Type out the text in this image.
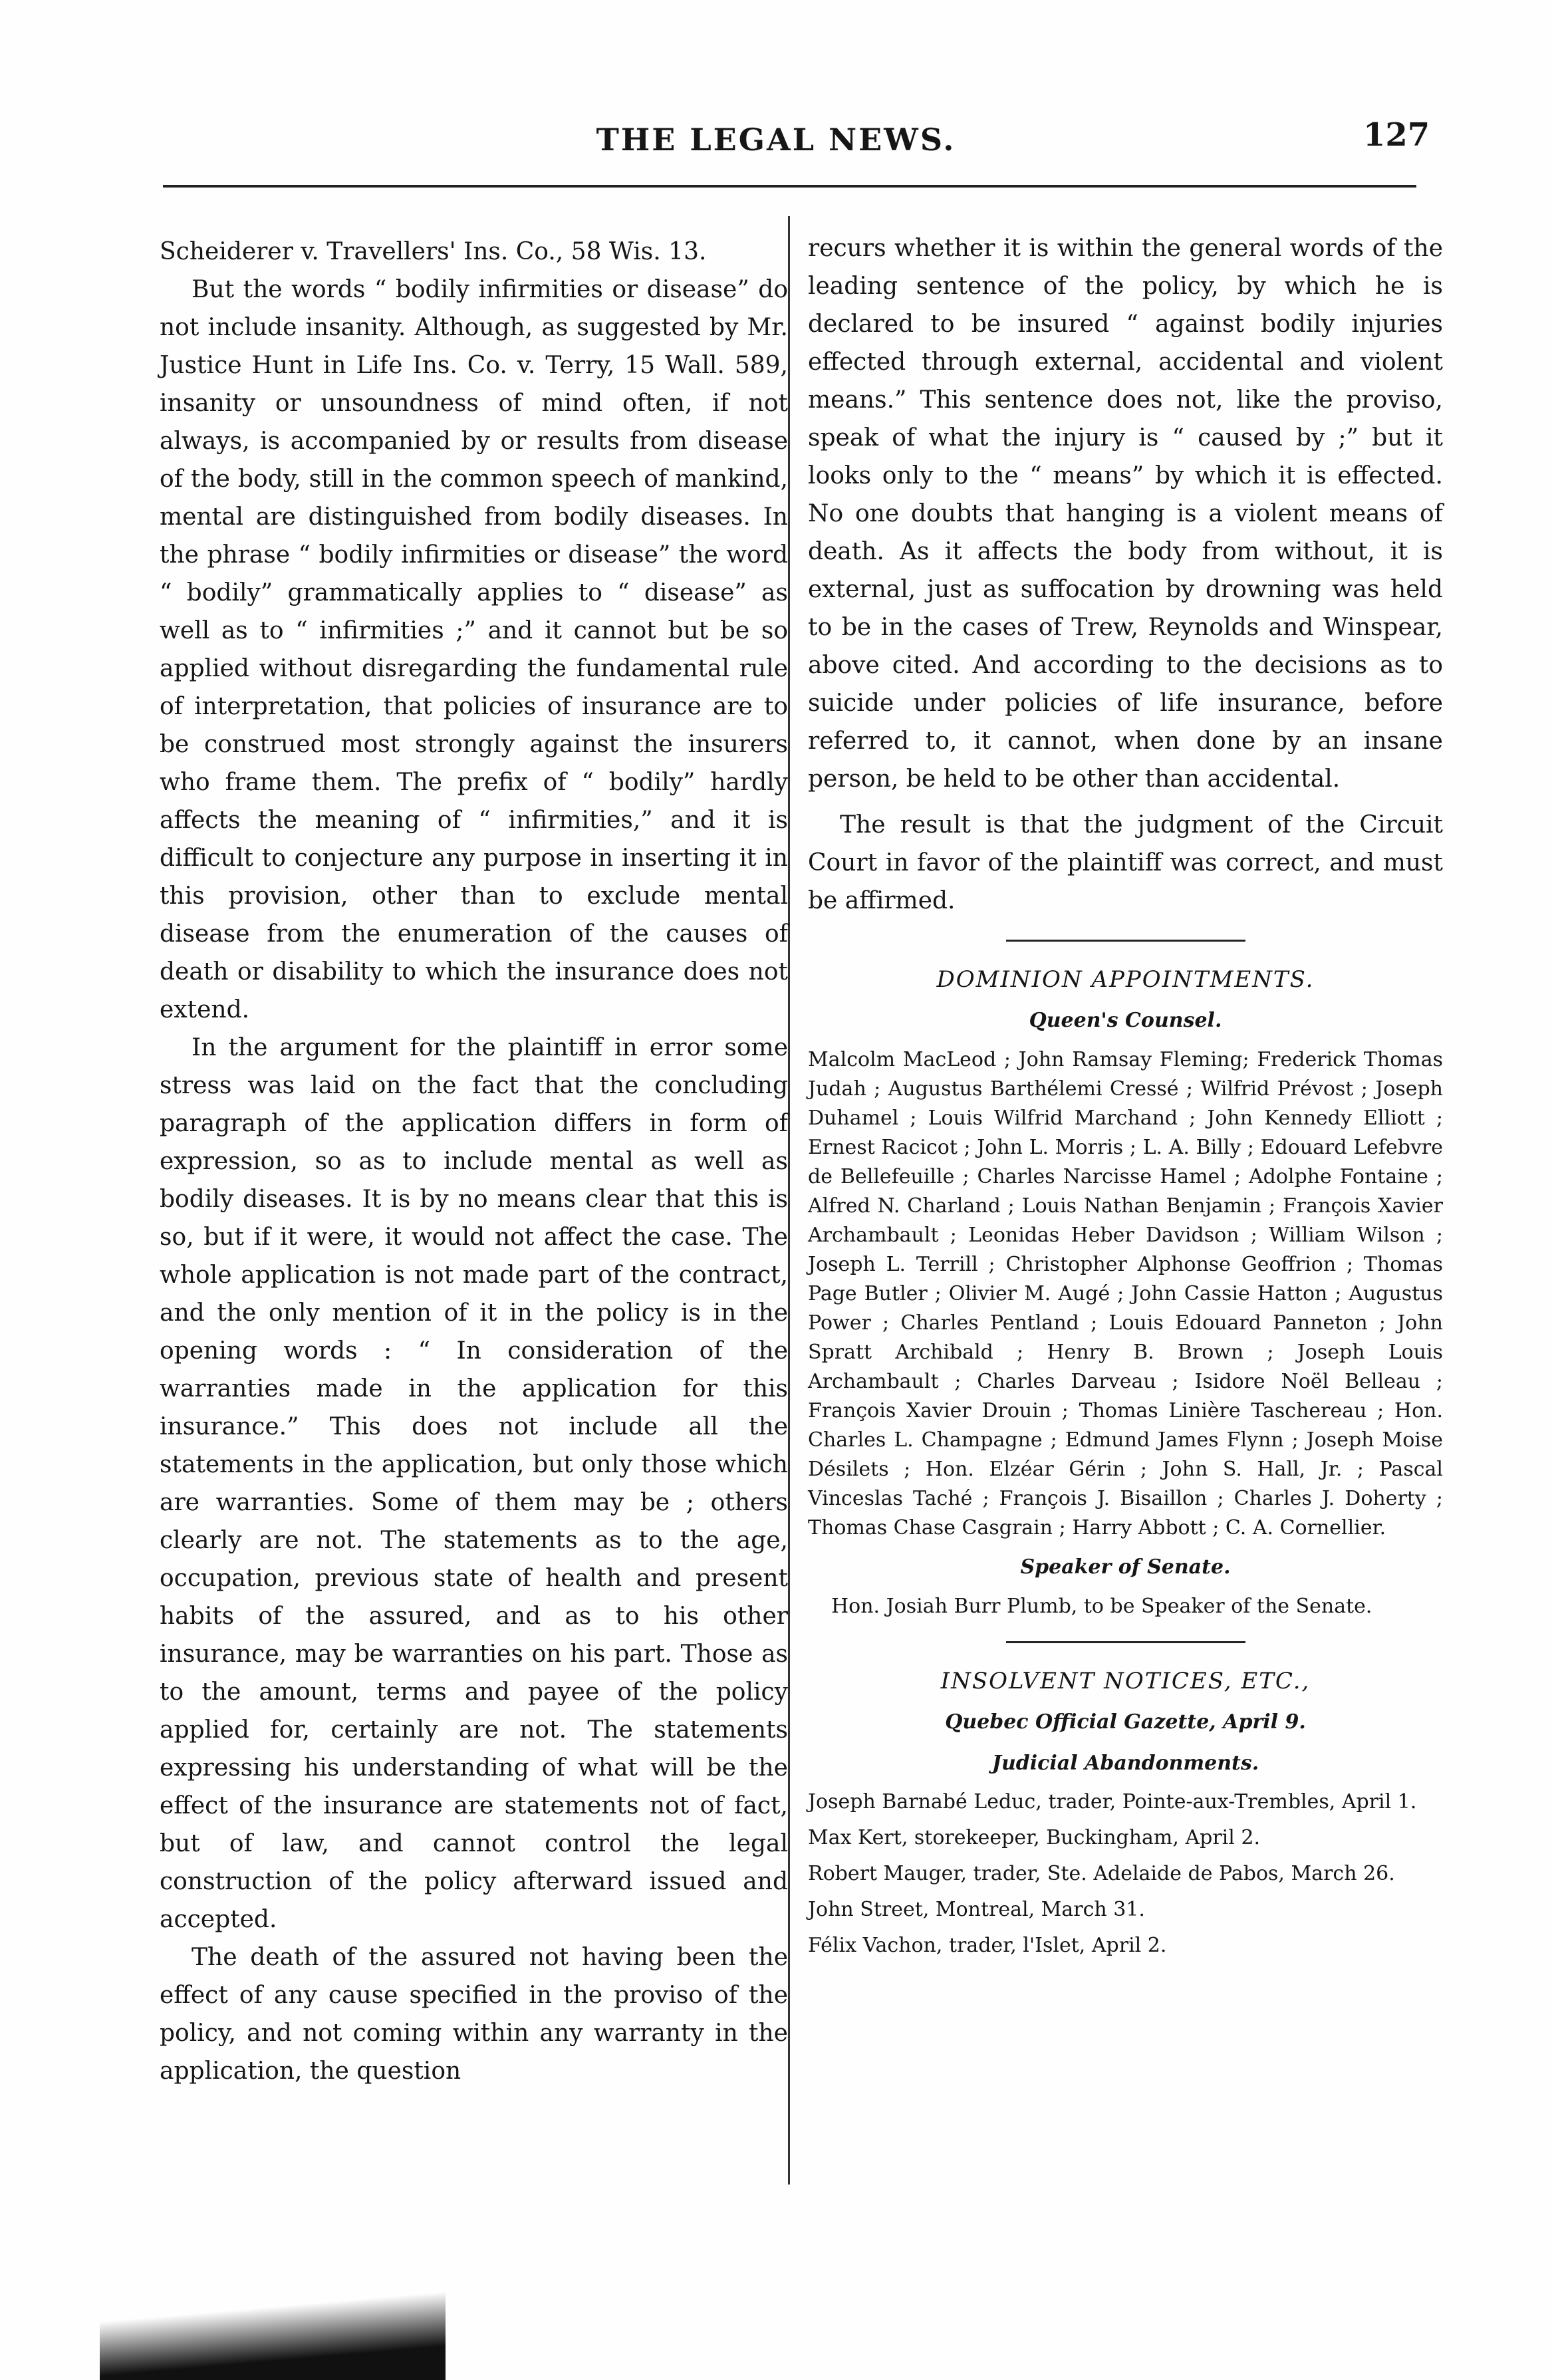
THE LEGAL NEWS.	127

Scheiderer v. Travellers' Ins. Co., 58 Wis. 13.

But the words “ bodily infirmities or disease” do not include insanity. Although, as suggested by Mr. Justice Hunt in Life Ins. Co. v. Terry, 15 Wall. 589, insanity or unsoundness of mind often, if not always, is accompanied by or results from disease of the body, still in the common speech of mankind, mental are distinguished from bodily diseases. In the phrase “ bodily infirmities or disease” the word “ bodily” grammatically applies to “ disease” as well as to “ infirmities ;” and it cannot but be so applied without disregarding the fundamental rule of interpretation, that policies of insurance are to be construed most strongly against the insurers who frame them. The prefix of “ bodily” hardly affects the meaning of “ infirmities,” and it is difficult to conjecture any purpose in inserting it in this provision, other than to exclude mental disease from the enumeration of the causes of death or disability to which the insurance does not extend.

In the argument for the plaintiff in error some stress was laid on the fact that the concluding paragraph of the application differs in form of expression, so as to include mental as well as bodily diseases. It is by no means clear that this is so, but if it were, it would not affect the case. The whole application is not made part of the contract, and the only mention of it in the policy is in the opening words : “ In consideration of the warranties made in the application for this insurance.” This does not include all the statements in the application, but only those which are warranties. Some of them may be ; others clearly are not. The statements as to the age, occupation, previous state of health and present habits of the assured, and as to his other insurance, may be warranties on his part. Those as to the amount, terms and payee of the policy applied for, certainly are not. The statements expressing his understanding of what will be the effect of the insurance are statements not of fact, but of law, and cannot control the legal construction of the policy afterward issued and accepted.

The death of the assured not having been the effect of any cause specified in the proviso of the policy, and not coming within any warranty in the application, the question

recurs whether it is within the general words of the leading sentence of the policy, by which he is declared to be insured “ against bodily injuries effected through external, accidental and violent means.” This sentence does not, like the proviso, speak of what the injury is “ caused by ;” but it looks only to the “ means” by which it is effected. No one doubts that hanging is a violent means of death. As it affects the body from without, it is external, just as suffocation by drowning was held to be in the cases of Trew, Reynolds and Winspear, above cited. And according to the decisions as to suicide under policies of life insurance, before referred to, it cannot, when done by an insane person, be held to be other than accidental.

The result is that the judgment of the Circuit Court in favor of the plaintiff was correct, and must be affirmed.

DOMINION APPOINTMENTS.

Queen's Counsel.

Malcolm MacLeod ; John Ramsay Fleming; Frederick Thomas Judah ; Augustus Barthélemi Cressé ; Wilfrid Prévost ; Joseph Duhamel ; Louis Wilfrid Marchand ; John Kennedy Elliott ; Ernest Racicot ; John L. Morris ; L. A. Billy ; Edouard Lefebvre de Bellefeuille ; Charles Narcisse Hamel ; Adolphe Fontaine ; Alfred N. Charland ; Louis Nathan Benjamin ; François Xavier Archambault ; Leonidas Heber Davidson ; William Wilson ; Joseph L. Terrill ; Christopher Alphonse Geoffrion ; Thomas Page Butler ; Olivier M. Augé ; John Cassie Hatton ; Augustus Power ; Charles Pentland ; Louis Edouard Panneton ; John Spratt Archibald ; Henry B. Brown ; Joseph Louis Archambault ; Charles Darveau ; Isidore Noël Belleau ; François Xavier Drouin ; Thomas Linière Taschereau ; Hon. Charles L. Champagne ; Edmund James Flynn ; Joseph Moise Désilets ; Hon. Elzéar Gérin ; John S. Hall, Jr. ; Pascal Vinceslas Taché ; François J. Bisaillon ; Charles J. Doherty ; Thomas Chase Casgrain ; Harry Abbott ; C. A. Cornellier.

Speaker of Senate.

Hon. Josiah Burr Plumb, to be Speaker of the Senate.

INSOLVENT NOTICES, ETC.,

Quebec Official Gazette, April 9.

Judicial Abandonments.

Joseph Barnabé Leduc, trader, Pointe-aux-Trembles, April 1.

Max Kert, storekeeper, Buckingham, April 2.

Robert Mauger, trader, Ste. Adelaide de Pabos, March 26.

John Street, Montreal, March 31.

Félix Vachon, trader, l'Islet, April 2.
